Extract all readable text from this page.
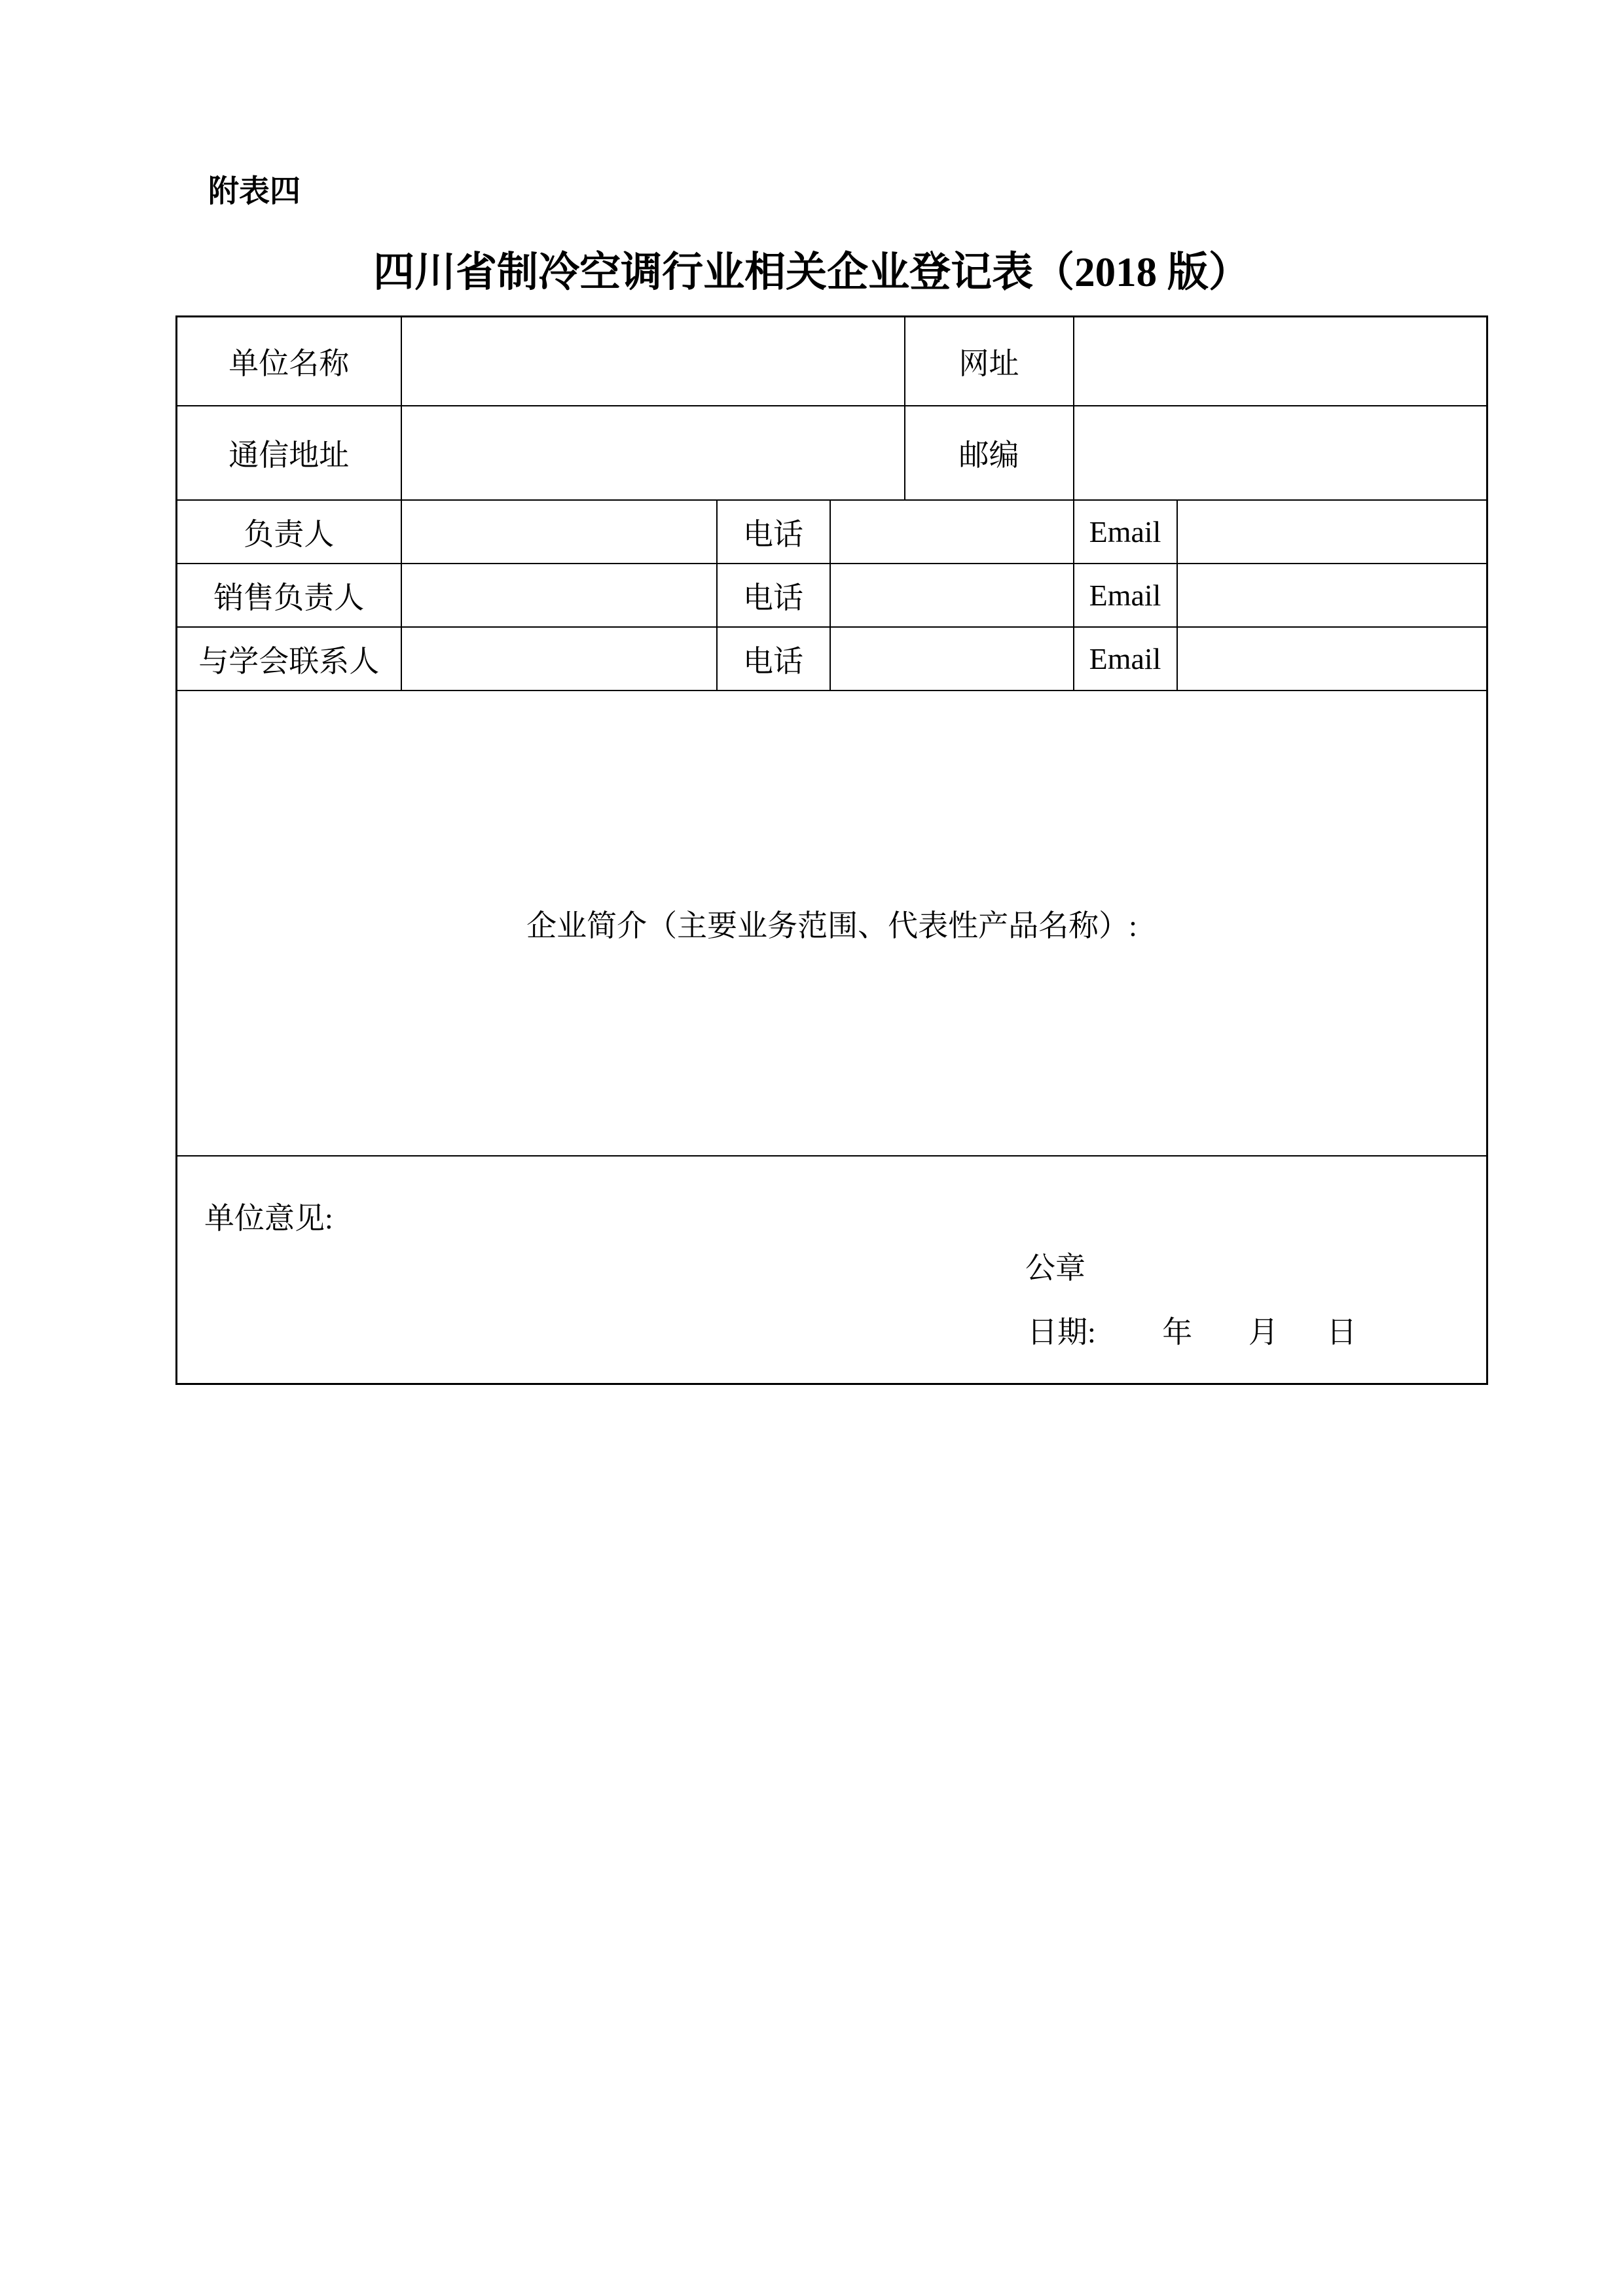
附表四
四川省制冷空调行业相关企业登记表（2018 版）
单位名称				网址		
通信地址				邮编		
负责人		电话			Email	
销售负责人		电话			Email	
与学会联系人		电话			Email	
企业简介（主要业务范围、代表性产品名称）:						

单位意见:
公章
日期: 年 月 日						
